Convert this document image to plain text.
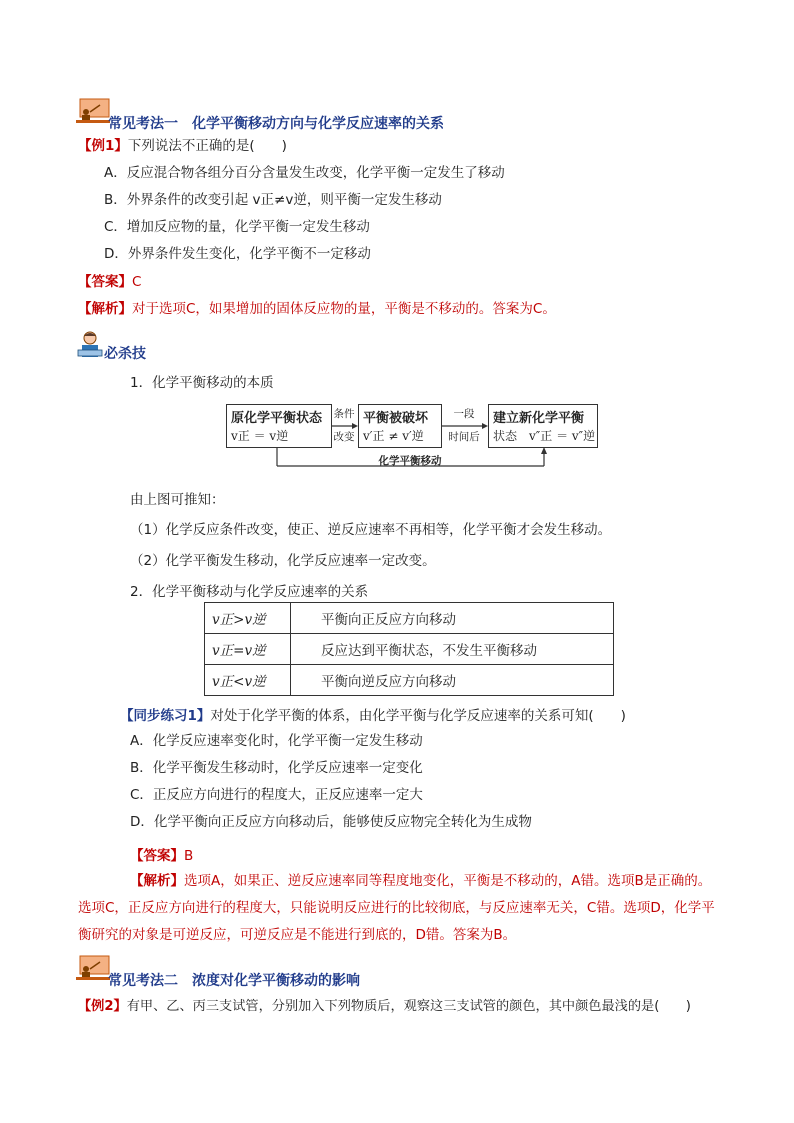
常见考法一　化学平衡移动方向与化学反应速率的关系
【例1】下列说法不正确的是(　　)
A．反应混合物各组分百分含量发生改变，化学平衡一定发生了移动
B．外界条件的改变引起 v正≠v逆，则平衡一定发生移动
C．增加反应物的量，化学平衡一定发生移动
D．外界条件发生变化，化学平衡不一定移动
【答案】C
【解析】对于选项C，如果增加的固体反应物的量，平衡是不移动的。答案为C。
必杀技
1．化学平衡移动的本质
原化学平衡状态
v正 ＝ v逆
条件
改变
平衡被破坏
v′正 ≠ v′逆
一段
时间后
建立新化学平衡
状态　v″正 ＝ v″逆
化学平衡移动
由上图可推知：
（1）化学反应条件改变，使正、逆反应速率不再相等，化学平衡才会发生移动。
（2）化学平衡发生移动，化学反应速率一定改变。
2．化学平衡移动与化学反应速率的关系
v正>v逆	平衡向正反应方向移动
v正=v逆	反应达到平衡状态，不发生平衡移动
v正<v逆	平衡向逆反应方向移动
【同步练习1】对处于化学平衡的体系，由化学平衡与化学反应速率的关系可知(　　)
A．化学反应速率变化时，化学平衡一定发生移动
B．化学平衡发生移动时，化学反应速率一定变化
C．正反应方向进行的程度大，正反应速率一定大
D．化学平衡向正反应方向移动后，能够使反应物完全转化为生成物
【答案】B
【解析】选项A，如果正、逆反应速率同等程度地变化，平衡是不移动的，A错。选项B是正确的。选项C，正反应方向进行的程度大，只能说明反应进行的比较彻底，与反应速率无关，C错。选项D，化学平衡研究的对象是可逆反应，可逆反应是不能进行到底的，D错。答案为B。
常见考法二　浓度对化学平衡移动的影响
【例2】有甲、乙、丙三支试管，分别加入下列物质后，观察这三支试管的颜色，其中颜色最浅的是(　　)
